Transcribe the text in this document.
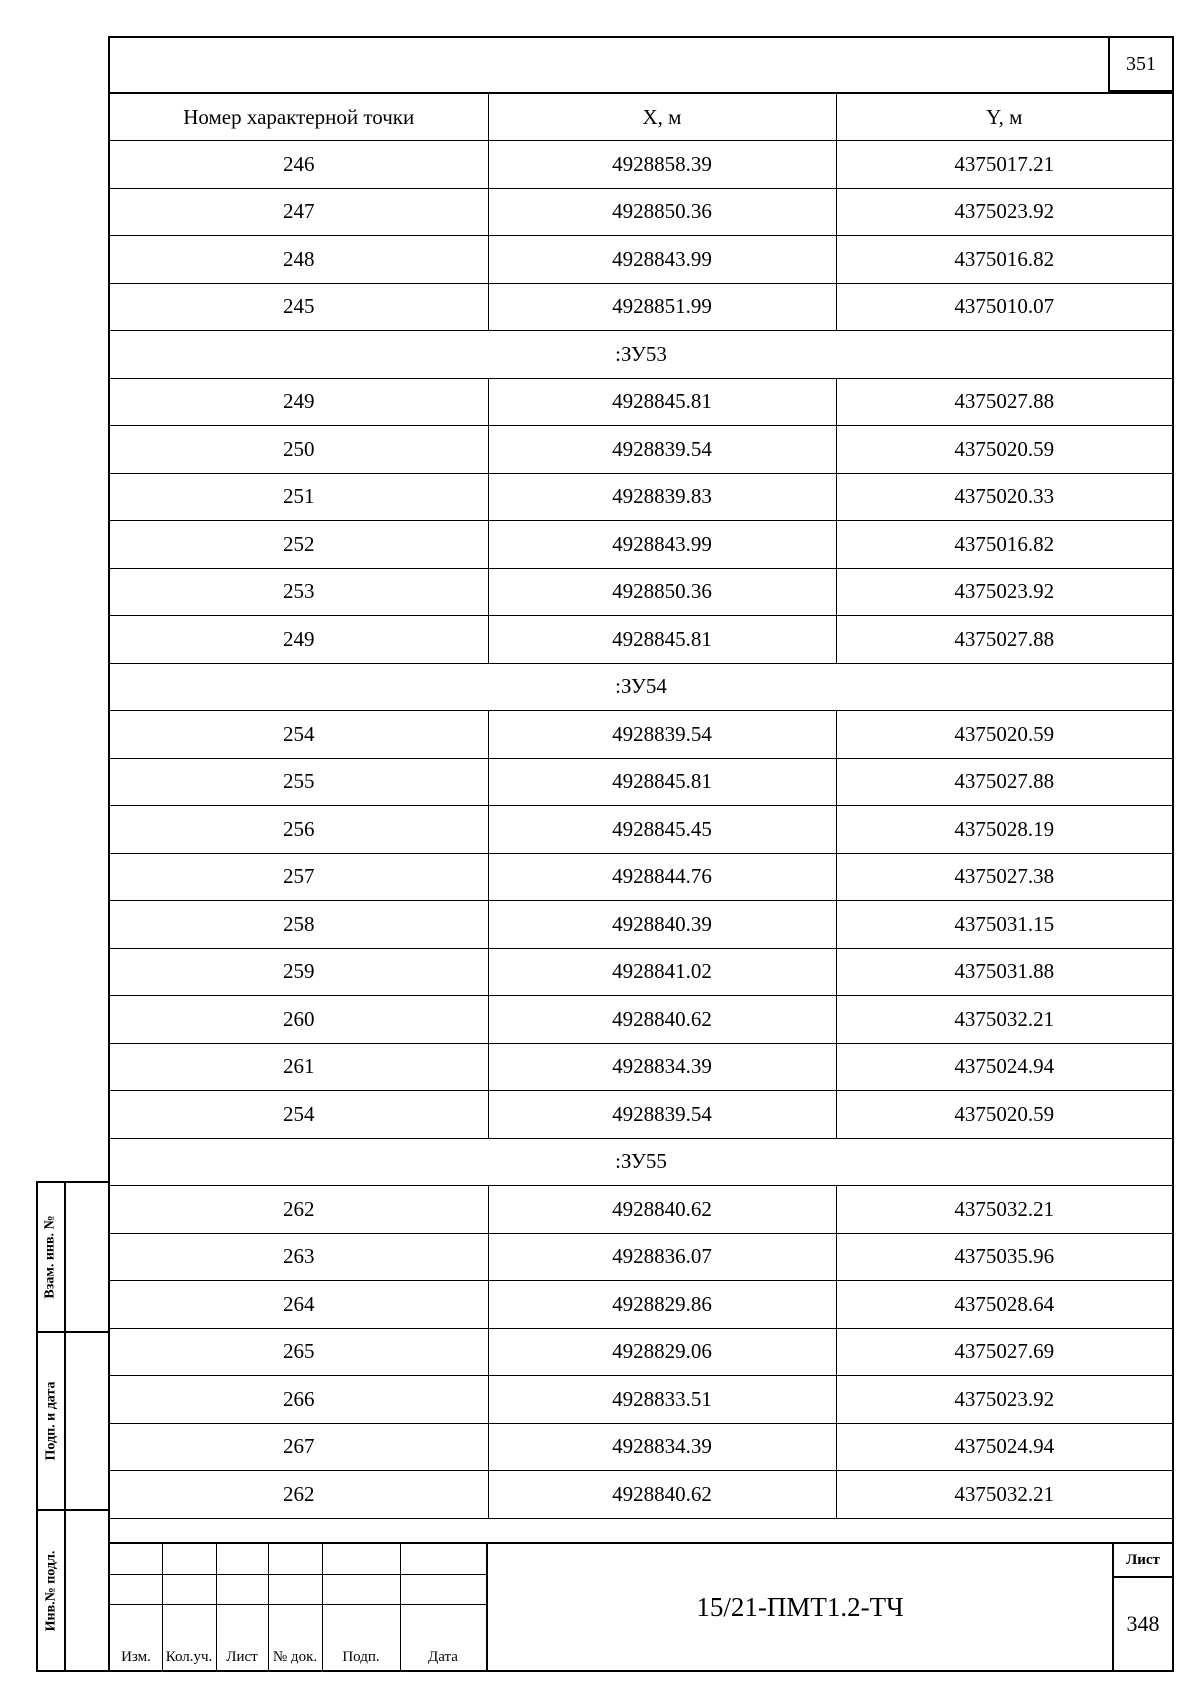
351
Номер характерной точки	X, м	Y, м
246	4928858.39	4375017.21
247	4928850.36	4375023.92
248	4928843.99	4375016.82
245	4928851.99	4375010.07
:ЗУ53		
249	4928845.81	4375027.88
250	4928839.54	4375020.59
251	4928839.83	4375020.33
252	4928843.99	4375016.82
253	4928850.36	4375023.92
249	4928845.81	4375027.88
:ЗУ54		
254	4928839.54	4375020.59
255	4928845.81	4375027.88
256	4928845.45	4375028.19
257	4928844.76	4375027.38
258	4928840.39	4375031.15
259	4928841.02	4375031.88
260	4928840.62	4375032.21
261	4928834.39	4375024.94
254	4928839.54	4375020.59
:ЗУ55		
262	4928840.62	4375032.21
263	4928836.07	4375035.96
264	4928829.86	4375028.64
265	4928829.06	4375027.69
266	4928833.51	4375023.92
267	4928834.39	4375024.94
262	4928840.62	4375032.21
Изм. Кол.уч. Лист	№ док.	Подп.	Дата
15/21-ПМТ1.2-ТЧ
Лист
348
Взам. инв. №
Подп. и дата
Инв.№ подл.
